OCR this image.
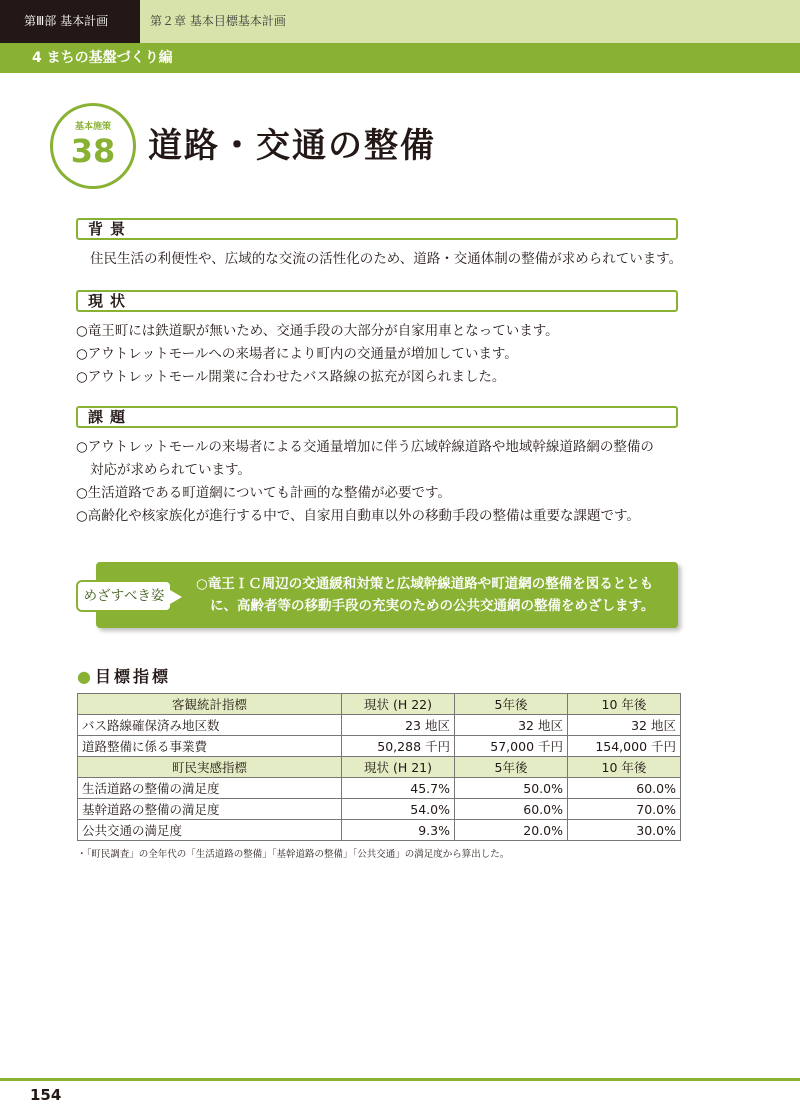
第Ⅲ部 基本計画	第２章 基本目標基本計画
4 まちの基盤づくり編
基本施策
38 道路・交通の整備
背景

住民生活の利便性や、広域的な交流の活性化のため、道路・交通体制の整備が求められています。

現状

○竜王町には鉄道駅が無いため、交通手段の大部分が自家用車となっています。

○アウトレットモールへの来場者により町内の交通量が増加しています。

○アウトレットモール開業に合わせたバス路線の拡充が図られました。

課題

○アウトレットモールの来場者による交通量増加に伴う広域幹線道路や地域幹線道路網の整備の

対応が求められています。

○生活道路である町道網についても計画的な整備が必要です。

○高齢化や核家族化が進行する中で、自家用自動車以外の移動手段の整備は重要な課題です。

○竜王ＩＣ周辺の交通緩和対策と広域幹線道路や町道網の整備を図るととも
に、高齢者等の移動手段の充実のための公共交通網の整備をめざします。
めざすべき姿
● 目標指標
客観統計指標	現状 (H 22)	5年後	10 年後
バス路線確保済み地区数	23 地区	32 地区	32 地区
道路整備に係る事業費	50,288 千円	57,000 千円	154,000 千円
町民実感指標	現状 (H 21)	5年後	10 年後
生活道路の整備の満足度	45.7%	50.0%	60.0%
基幹道路の整備の満足度	54.0%	60.0%	70.0%
公共交通の満足度	9.3%	20.0%	30.0%

・「町民調査」の全年代の「生活道路の整備」「基幹道路の整備」「公共交通」の満足度から算出した。

154
